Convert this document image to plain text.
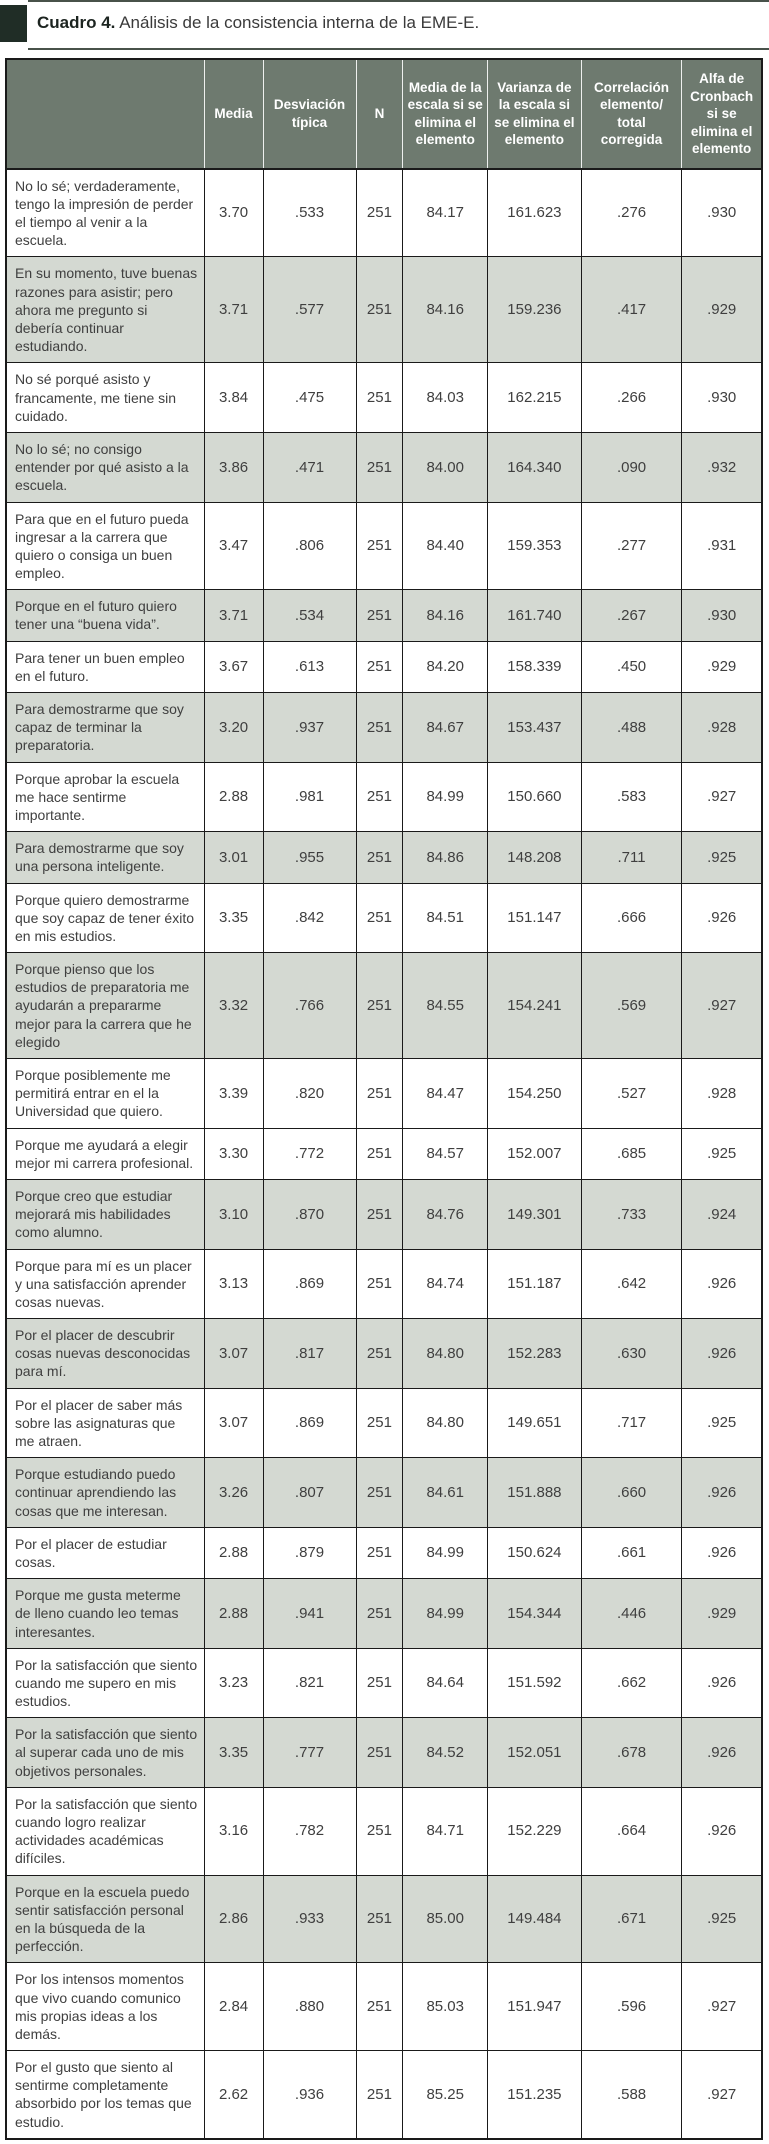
Cuadro 4. Análisis de la consistencia interna de la EME-E.
	Media	Desviación típica	N	Media de la escala si se elimina el elemento	Varianza de la escala si se elimina el elemento	Correlación elemento/ total corregida	Alfa de Cronbach si se elimina el elemento
No lo sé; verdaderamente, tengo la impresión de perder el tiempo al venir a la escuela.	3.70	.533	251	84.17	161.623	.276	.930
En su momento, tuve buenas razones para asistir; pero ahora me pregunto si debería continuar estudiando.	3.71	.577	251	84.16	159.236	.417	.929
No sé porqué asisto y francamente, me tiene sin cuidado.	3.84	.475	251	84.03	162.215	.266	.930
No lo sé; no consigo entender por qué asisto a la escuela.	3.86	.471	251	84.00	164.340	.090	.932
Para que en el futuro pueda ingresar a la carrera que quiero o consiga un buen empleo.	3.47	.806	251	84.40	159.353	.277	.931
Porque en el futuro quiero tener una “buena vida”.	3.71	.534	251	84.16	161.740	.267	.930
Para tener un buen empleo en el futuro.	3.67	.613	251	84.20	158.339	.450	.929
Para demostrarme que soy capaz de terminar la preparatoria.	3.20	.937	251	84.67	153.437	.488	.928
Porque aprobar la escuela me hace sentirme importante.	2.88	.981	251	84.99	150.660	.583	.927
Para demostrarme que soy una persona inteligente.	3.01	.955	251	84.86	148.208	.711	.925
Porque quiero demostrarme que soy capaz de tener éxito en mis estudios.	3.35	.842	251	84.51	151.147	.666	.926
Porque pienso que los estudios de preparatoria me ayudarán a prepararme mejor para la carrera que he elegido	3.32	.766	251	84.55	154.241	.569	.927
Porque posiblemente me permitirá entrar en el la Universidad que quiero.	3.39	.820	251	84.47	154.250	.527	.928
Porque me ayudará a elegir mejor mi carrera profesional.	3.30	.772	251	84.57	152.007	.685	.925
Porque creo que estudiar mejorará mis habilidades como alumno.	3.10	.870	251	84.76	149.301	.733	.924
Porque para mí es un placer y una satisfacción aprender cosas nuevas.	3.13	.869	251	84.74	151.187	.642	.926
Por el placer de descubrir cosas nuevas desconocidas para mí.	3.07	.817	251	84.80	152.283	.630	.926
Por el placer de saber más sobre las asignaturas que me atraen.	3.07	.869	251	84.80	149.651	.717	.925
Porque estudiando puedo continuar aprendiendo las cosas que me interesan.	3.26	.807	251	84.61	151.888	.660	.926
Por el placer de estudiar cosas.	2.88	.879	251	84.99	150.624	.661	.926
Porque me gusta meterme de lleno cuando leo temas interesantes.	2.88	.941	251	84.99	154.344	.446	.929
Por la satisfacción que siento cuando me supero en mis estudios.	3.23	.821	251	84.64	151.592	.662	.926
Por la satisfacción que siento al superar cada uno de mis objetivos personales.	3.35	.777	251	84.52	152.051	.678	.926
Por la satisfacción que siento cuando logro realizar actividades académicas difíciles.	3.16	.782	251	84.71	152.229	.664	.926
Porque en la escuela puedo sentir satisfacción personal en la búsqueda de la perfección.	2.86	.933	251	85.00	149.484	.671	.925
Por los intensos momentos que vivo cuando comunico mis propias ideas a los demás.	2.84	.880	251	85.03	151.947	.596	.927
Por el gusto que siento al sentirme completamente absorbido por los temas que estudio.	2.62	.936	251	85.25	151.235	.588	.927
